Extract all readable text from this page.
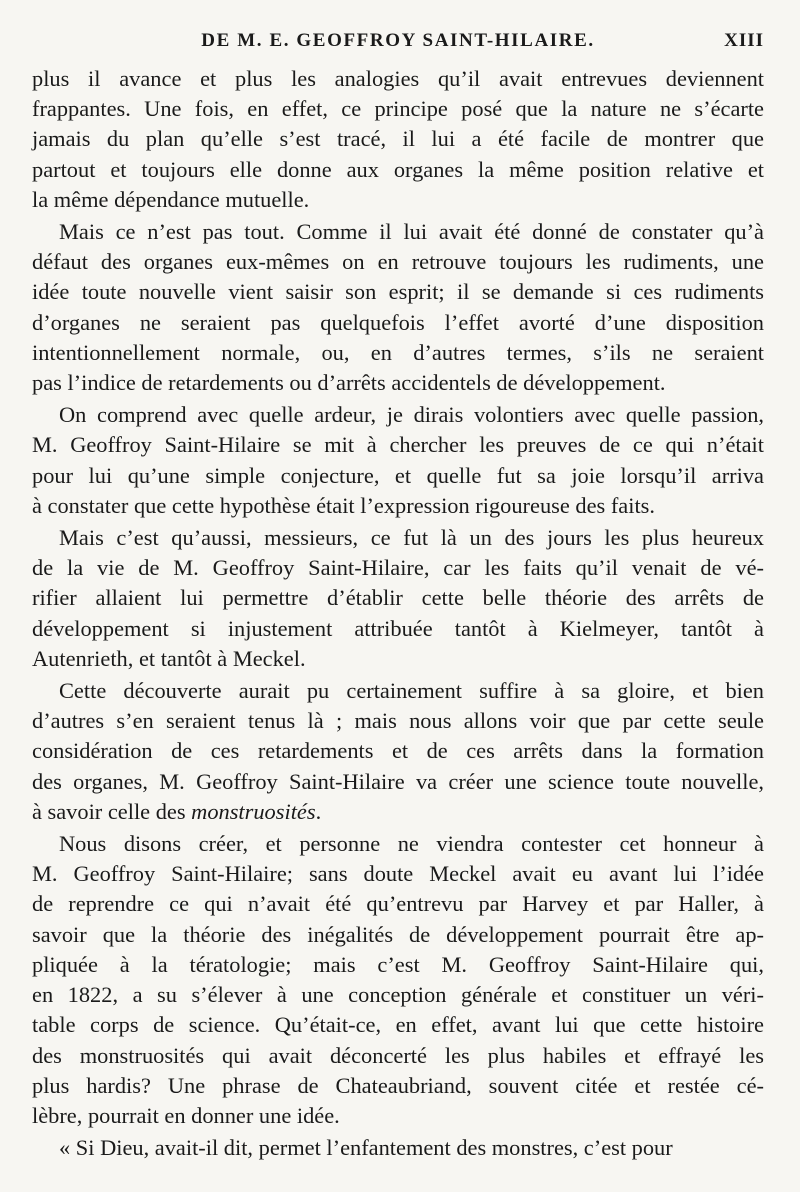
DE M. E. GEOFFROY SAINT-HILAIRE.	XIII

plus il avance et plus les analogies qu’il avait entrevues deviennent
frappantes. Une fois, en effet, ce principe posé que la nature ne s’écarte
jamais du plan qu’elle s’est tracé, il lui a été facile de montrer que
partout et toujours elle donne aux organes la même position relative et
la même dépendance mutuelle.

Mais ce n’est pas tout. Comme il lui avait été donné de constater qu’à
défaut des organes eux-mêmes on en retrouve toujours les rudiments, une
idée toute nouvelle vient saisir son esprit; il se demande si ces rudiments
d’organes ne seraient pas quelquefois l’effet avorté d’une disposition
intentionnellement normale, ou, en d’autres termes, s’ils ne seraient
pas l’indice de retardements ou d’arrêts accidentels de développement.

On comprend avec quelle ardeur, je dirais volontiers avec quelle passion,
M. Geoffroy Saint-Hilaire se mit à chercher les preuves de ce qui n’était
pour lui qu’une simple conjecture, et quelle fut sa joie lorsqu’il arriva
à constater que cette hypothèse était l’expression rigoureuse des faits.

Mais c’est qu’aussi, messieurs, ce fut là un des jours les plus heureux
de la vie de M. Geoffroy Saint-Hilaire, car les faits qu’il venait de vé-
rifier allaient lui permettre d’établir cette belle théorie des arrêts de
développement si injustement attribuée tantôt à Kielmeyer, tantôt à
Autenrieth, et tantôt à Meckel.

Cette découverte aurait pu certainement suffire à sa gloire, et bien
d’autres s’en seraient tenus là ; mais nous allons voir que par cette seule
considération de ces retardements et de ces arrêts dans la formation
des organes, M. Geoffroy Saint-Hilaire va créer une science toute nouvelle,
à savoir celle des monstruosités.

Nous disons créer, et personne ne viendra contester cet honneur à
M. Geoffroy Saint-Hilaire; sans doute Meckel avait eu avant lui l’idée
de reprendre ce qui n’avait été qu’entrevu par Harvey et par Haller, à
savoir que la théorie des inégalités de développement pourrait être ap-
pliquée à la tératologie; mais c’est M. Geoffroy Saint-Hilaire qui,
en 1822, a su s’élever à une conception générale et constituer un véri-
table corps de science. Qu’était-ce, en effet, avant lui que cette histoire
des monstruosités qui avait déconcerté les plus habiles et effrayé les
plus hardis? Une phrase de Chateaubriand, souvent citée et restée cé-
lèbre, pourrait en donner une idée.

« Si Dieu, avait-il dit, permet l’enfantement des monstres, c’est pour
